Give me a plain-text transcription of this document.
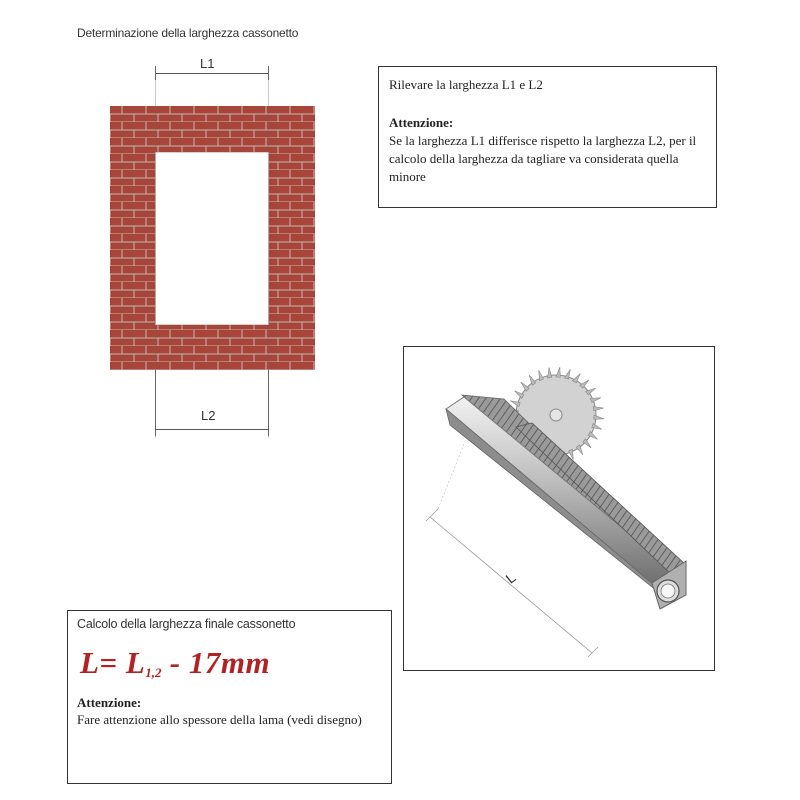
Determinazione della larghezza cassonetto
L1
L2
Rilevare la larghezza L1 e L2
Attenzione:
Se la larghezza L1 differisce rispetto la larghezza L2, per il calcolo della larghezza da tagliare va considerata quella minore
L
Calcolo della larghezza finale cassonetto
$L= L_{1,2} - 17mm$
Attenzione:
Fare attenzione allo spessore della lama (vedi disegno)
